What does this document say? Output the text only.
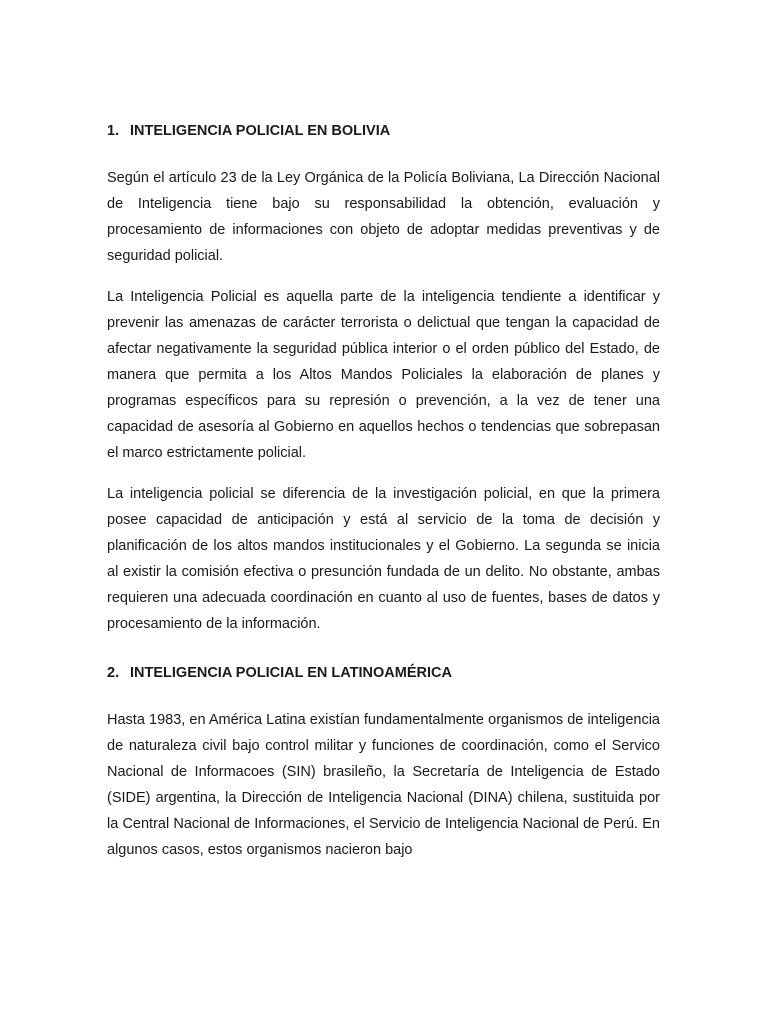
1. INTELIGENCIA POLICIAL EN BOLIVIA

Según el artículo 23 de la Ley Orgánica de la Policía Boliviana, La Dirección Nacional de Inteligencia tiene bajo su responsabilidad la obtención, evaluación y procesamiento de informaciones con objeto de adoptar medidas preventivas y de seguridad policial.

La Inteligencia Policial es aquella parte de la inteligencia tendiente a identificar y prevenir las amenazas de carácter terrorista o delictual que tengan la capacidad de afectar negativamente la seguridad pública interior o el orden público del Estado, de manera que permita a los Altos Mandos Policiales la elaboración de planes y programas específicos para su represión o prevención, a la vez de tener una capacidad de asesoría al Gobierno en aquellos hechos o tendencias que sobrepasan el marco estrictamente policial.

La inteligencia policial se diferencia de la investigación policial, en que la primera posee capacidad de anticipación y está al servicio de la toma de decisión y planificación de los altos mandos institucionales y el Gobierno. La segunda se inicia al existir la comisión efectiva o presunción fundada de un delito. No obstante, ambas requieren una adecuada coordinación en cuanto al uso de fuentes, bases de datos y procesamiento de la información.

2. INTELIGENCIA POLICIAL EN LATINOAMÉRICA

Hasta 1983, en América Latina existían fundamentalmente organismos de inteligencia de naturaleza civil bajo control militar y funciones de coordinación, como el Servico Nacional de Informacoes (SIN) brasileño, la Secretaría de Inteligencia de Estado (SIDE) argentina, la Dirección de Inteligencia Nacional (DINA) chilena, sustituida por la Central Nacional de Informaciones, el Servicio de Inteligencia Nacional de Perú. En algunos casos, estos organismos nacieron bajo
